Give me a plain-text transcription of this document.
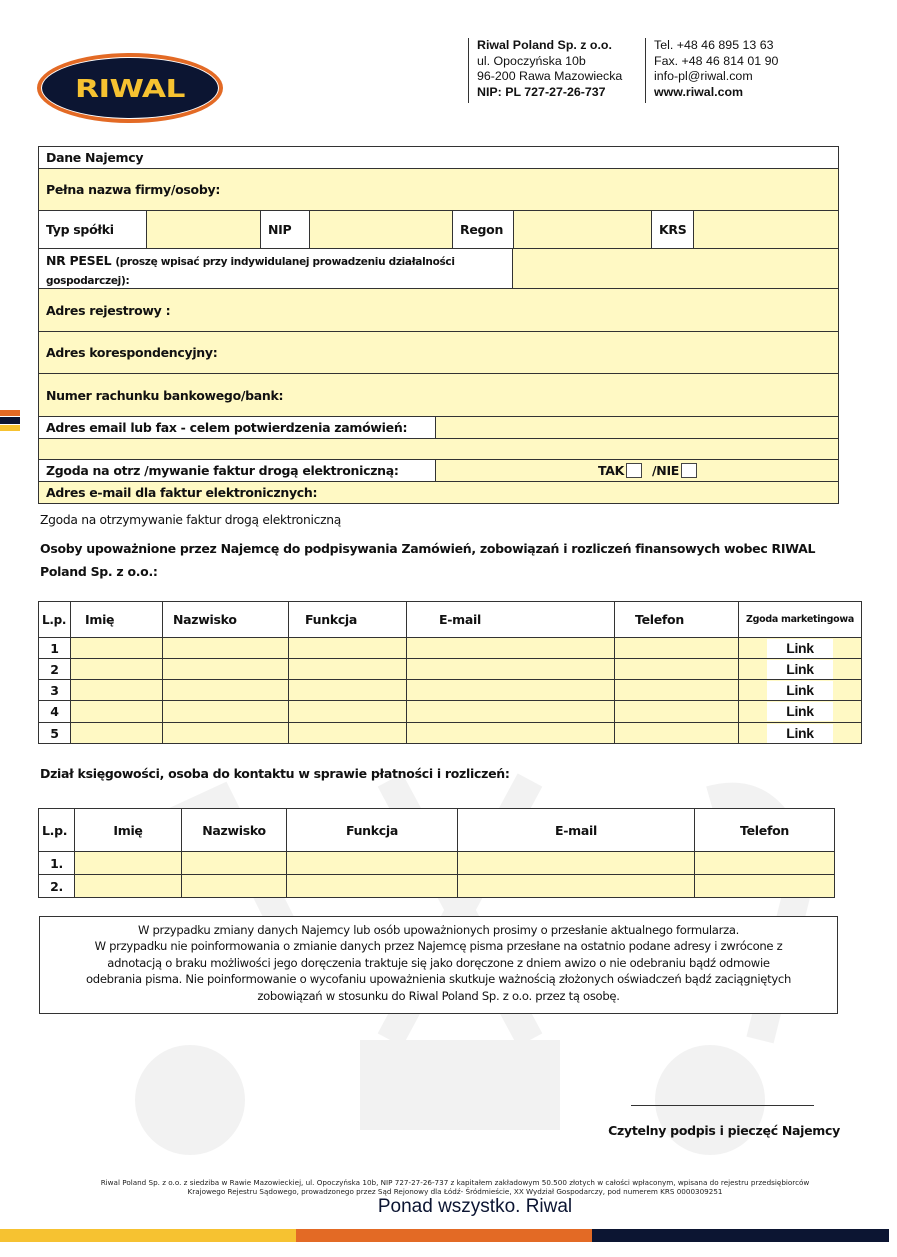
RIWAL
Riwal Poland Sp. z o.o.
ul. Opoczyńska 10b
96-200 Rawa Mazowiecka
NIP: PL 727-27-26-737
Tel. +48 46 895 13 63
Fax. +48 46 814 01 90
info-pl@riwal.com
www.riwal.com
Dane Najemcy
Pełna nazwa firmy/osoby:
Typ spółki	NIP	Regon	KRS
NR PESEL (proszę wpisać przy indywidulanej prowadzeniu działalności gospodarczej):
Adres rejestrowy :
Adres korespondencyjny:
Numer rachunku bankowego/bank:
Adres email lub fax - celem potwierdzenia zamówień:
Zgoda na otrz /mywanie faktur drogą elektroniczną:	TAK /NIE
Adres e-mail dla faktur elektronicznych:
Zgoda na otrzymywanie faktur drogą elektroniczną
Osoby upoważnione przez Najemcę do podpisywania Zamówień, zobowiązań i rozliczeń finansowych wobec RIWAL Poland Sp. z o.o.:
L.p.	Imię	Nazwisko	Funkcja	E-mail	Telefon	Zgoda marketingowa
1						Link
2						Link
3						Link
4						Link
5						Link
Dział księgowości, osoba do kontaktu w sprawie płatności i rozliczeń:
L.p.	Imię	Nazwisko	Funkcja	E-mail	Telefon
1.					
2.					
W przypadku zmiany danych Najemcy lub osób upoważnionych prosimy o przesłanie aktualnego formularza.
W przypadku nie poinformowania o zmianie danych przez Najemcę pisma przesłane na ostatnio podane adresy i zwrócone z
adnotacją o braku możliwości jego doręczenia traktuje się jako doręczone z dniem awizo o nie odebraniu bądź odmowie
odebrania pisma. Nie poinformowanie o wycofaniu upoważnienia skutkuje ważnością złożonych oświadczeń bądź zaciągniętych
zobowiązań w stosunku do Riwal Poland Sp. z o.o. przez tą osobę.
Czytelny podpis i pieczęć Najemcy
Riwal Poland Sp. z o.o. z siedziba w Rawie Mazowieckiej, ul. Opoczyńska 10b, NIP 727-27-26-737 z kapitałem zakładowym 50.500 złotych w całości wpłaconym, wpisana do rejestru przedsiębiorców
Krajowego Rejestru Sądowego, prowadzonego przez Sąd Rejonowy dla Łódź- Śródmieście, XX Wydział Gospodarczy, pod numerem KRS 0000309251
Ponad wszystko. Riwal
